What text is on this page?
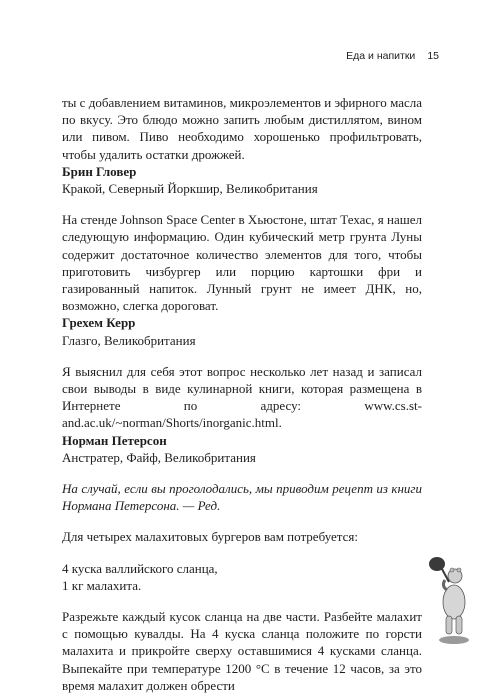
Еда и напитки 15

ты с добавлением витаминов, микроэлементов и эфирного масла по вкусу. Это блюдо можно запить любым дистиллятом, вином или пивом. Пиво необходимо хорошенько профильтровать, чтобы удалить остатки дрожжей.

Брин Гловер

Кракой, Северный Йоркшир, Великобритания

На стенде Johnson Space Center в Хьюстоне, штат Техас, я нашел следующую информацию. Один кубический метр грунта Луны содержит достаточное количество элементов для того, чтобы приготовить чизбургер или порцию картошки фри и газированный напиток. Лунный грунт не имеет ДНК, но, возможно, слегка дороговат.

Грехем Керр

Глазго, Великобритания

Я выяснил для себя этот вопрос несколько лет назад и записал свои выводы в виде кулинарной книги, которая размещена в Интернете по адресу: www.cs.st-and.ac.uk/~norman/Shorts/inorganic.html.

Норман Петерсон

Анстратер, Файф, Великобритания

На случай, если вы проголодались, мы приводим рецепт из книги Нормана Петерсона. — Ред.

Для четырех малахитовых бургеров вам потребуется:

4 куска валлийского сланца,

1 кг малахита.

Разрежьте каждый кусок сланца на две части. Разбейте малахит с помощью кувалды. На 4 куска сланца положите по горсти малахита и прикройте сверху оставшимися 4 кусками сланца. Выпекайте при температуре 1200 °С в течение 12 часов, за это время малахит должен обрести
